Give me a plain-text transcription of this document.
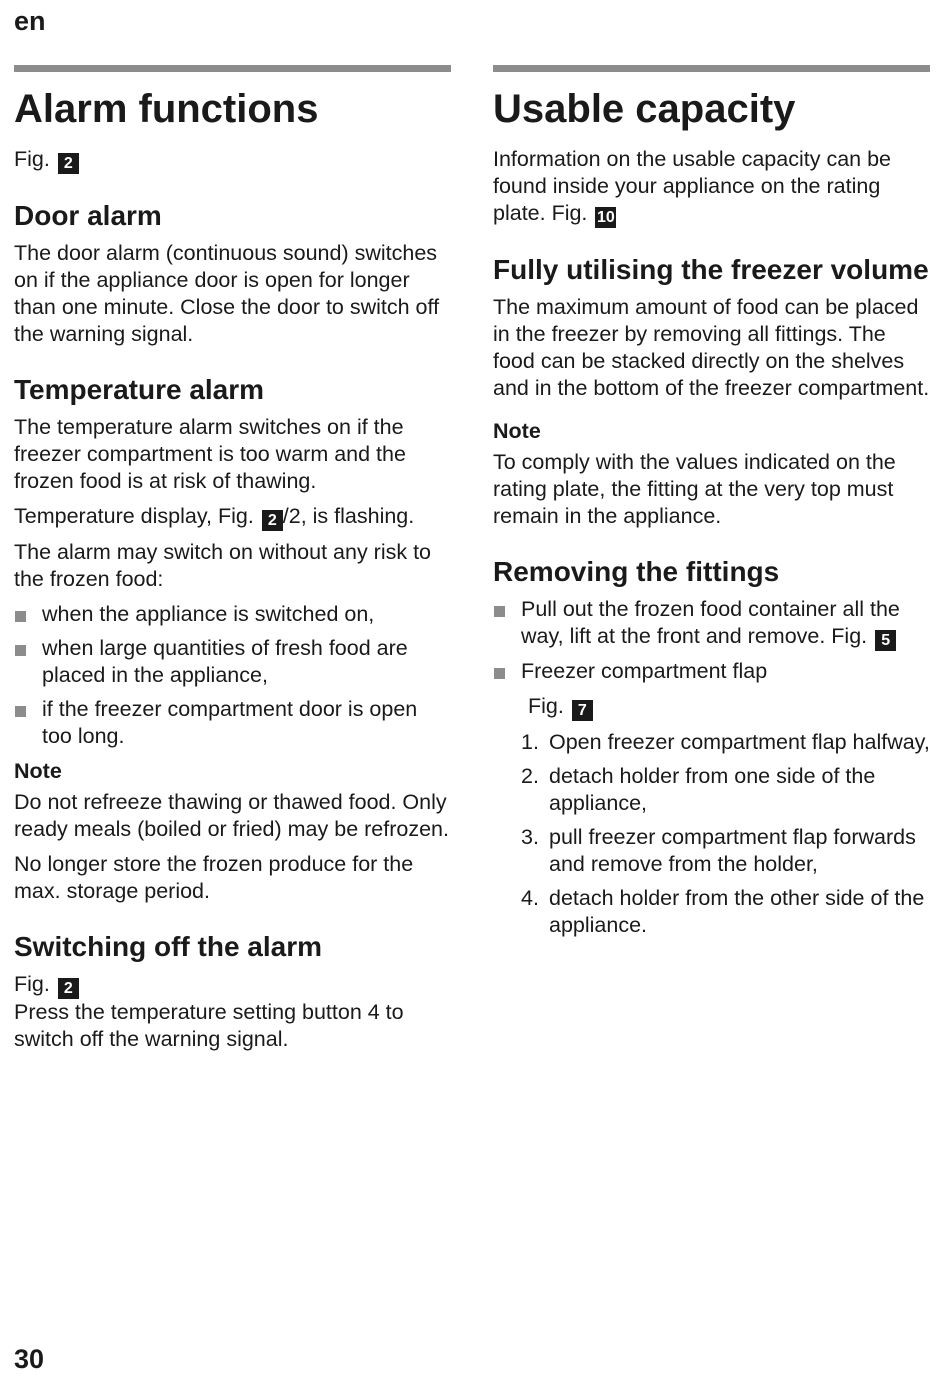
en
Alarm functions

Fig. 2

Door alarm

The door alarm (continuous sound) switches on if the appliance door is open for longer than one minute. Close the door to switch off the warning signal.

Temperature alarm

The temperature alarm switches on if the freezer compartment is too warm and the frozen food is at risk of thawing.

Temperature display, Fig. 2 /2, is flashing.

The alarm may switch on without any risk to the frozen food:

when the appliance is switched on,
when large quantities of fresh food are placed in the appliance,
if the freezer compartment door is open too long.
Note

Do not refreeze thawing or thawed food. Only ready meals (boiled or fried) may be refrozen.

No longer store the frozen produce for the max. storage period.

Switching off the alarm
Fig. 2

Press the temperature setting button 4 to switch off the warning signal.

Usable capacity

Information on the usable capacity can be found inside your appliance on the rating plate. Fig. 10

Fully utilising the freezer volume

The maximum amount of food can be placed in the freezer by removing all fittings. The food can be stacked directly on the shelves and in the bottom of the freezer compartment.

Note

To comply with the values indicated on the rating plate, the fitting at the very top must remain in the appliance.

Removing the fittings
Pull out the frozen food container all the way, lift at the front and remove. Fig. 5
Freezer compartment flap

Fig. 7

1. Open freezer compartment flap halfway,
2. detach holder from one side of the appliance,
3. pull freezer compartment flap forwards and remove from the holder,
4. detach holder from the other side of the appliance.
30
